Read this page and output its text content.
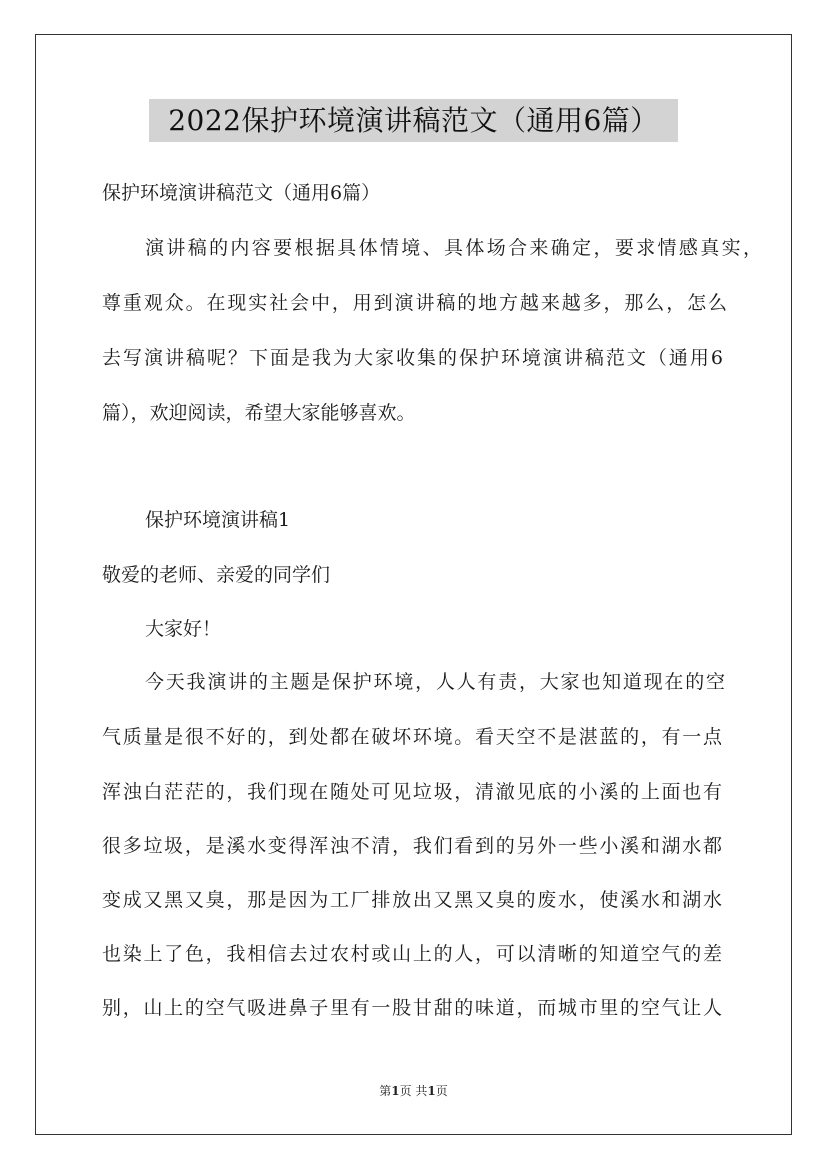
2022保护环境演讲稿范文（通用6篇）
保护环境演讲稿范文（通用6篇）
演讲稿的内容要根据具体情境、具体场合来确定，要求情感真实，
尊重观众。在现实社会中，用到演讲稿的地方越来越多，那么，怎么
去写演讲稿呢？下面是我为大家收集的保护环境演讲稿范文（通用6
篇），欢迎阅读，希望大家能够喜欢。
保护环境演讲稿1
敬爱的老师、亲爱的同学们
大家好！
今天我演讲的主题是保护环境，人人有责，大家也知道现在的空
气质量是很不好的，到处都在破坏环境。看天空不是湛蓝的，有一点
浑浊白茫茫的，我们现在随处可见垃圾，清澈见底的小溪的上面也有
很多垃圾，是溪水变得浑浊不清，我们看到的另外一些小溪和湖水都
变成又黑又臭，那是因为工厂排放出又黑又臭的废水，使溪水和湖水
也染上了色，我相信去过农村或山上的人，可以清晰的知道空气的差
别，山上的空气吸进鼻子里有一股甘甜的味道，而城市里的空气让人
第1页 共1页
